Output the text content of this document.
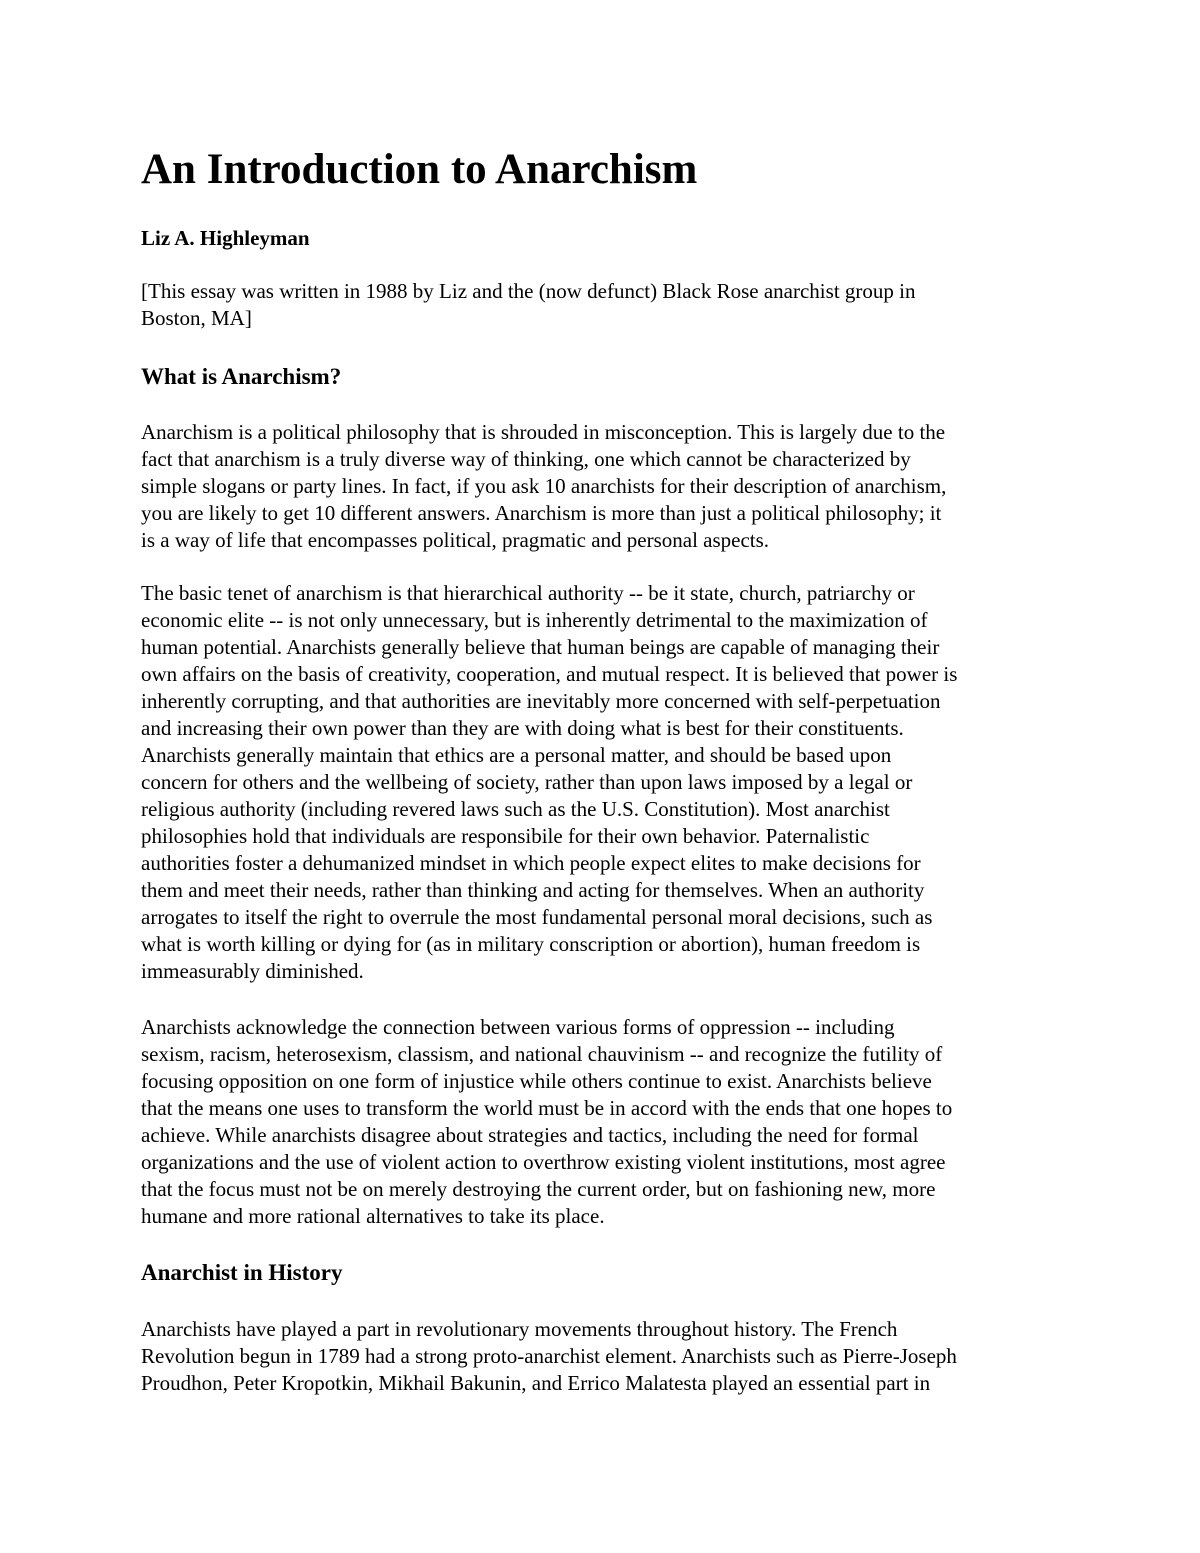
An Introduction to Anarchism

Liz A. Highleyman

[This essay was written in 1988 by Liz and the (now defunct) Black Rose anarchist group in
Boston, MA]

What is Anarchism?

Anarchism is a political philosophy that is shrouded in misconception. This is largely due to the
fact that anarchism is a truly diverse way of thinking, one which cannot be characterized by
simple slogans or party lines. In fact, if you ask 10 anarchists for their description of anarchism,
you are likely to get 10 different answers. Anarchism is more than just a political philosophy; it
is a way of life that encompasses political, pragmatic and personal aspects.

The basic tenet of anarchism is that hierarchical authority -- be it state, church, patriarchy or
economic elite -- is not only unnecessary, but is inherently detrimental to the maximization of
human potential. Anarchists generally believe that human beings are capable of managing their
own affairs on the basis of creativity, cooperation, and mutual respect. It is believed that power is
inherently corrupting, and that authorities are inevitably more concerned with self-perpetuation
and increasing their own power than they are with doing what is best for their constituents.
Anarchists generally maintain that ethics are a personal matter, and should be based upon
concern for others and the wellbeing of society, rather than upon laws imposed by a legal or
religious authority (including revered laws such as the U.S. Constitution). Most anarchist
philosophies hold that individuals are responsibile for their own behavior. Paternalistic
authorities foster a dehumanized mindset in which people expect elites to make decisions for
them and meet their needs, rather than thinking and acting for themselves. When an authority
arrogates to itself the right to overrule the most fundamental personal moral decisions, such as
what is worth killing or dying for (as in military conscription or abortion), human freedom is
immeasurably diminished.

Anarchists acknowledge the connection between various forms of oppression -- including
sexism, racism, heterosexism, classism, and national chauvinism -- and recognize the futility of
focusing opposition on one form of injustice while others continue to exist. Anarchists believe
that the means one uses to transform the world must be in accord with the ends that one hopes to
achieve. While anarchists disagree about strategies and tactics, including the need for formal
organizations and the use of violent action to overthrow existing violent institutions, most agree
that the focus must not be on merely destroying the current order, but on fashioning new, more
humane and more rational alternatives to take its place.

Anarchist in History

Anarchists have played a part in revolutionary movements throughout history. The French
Revolution begun in 1789 had a strong proto-anarchist element. Anarchists such as Pierre-Joseph
Proudhon, Peter Kropotkin, Mikhail Bakunin, and Errico Malatesta played an essential part in
